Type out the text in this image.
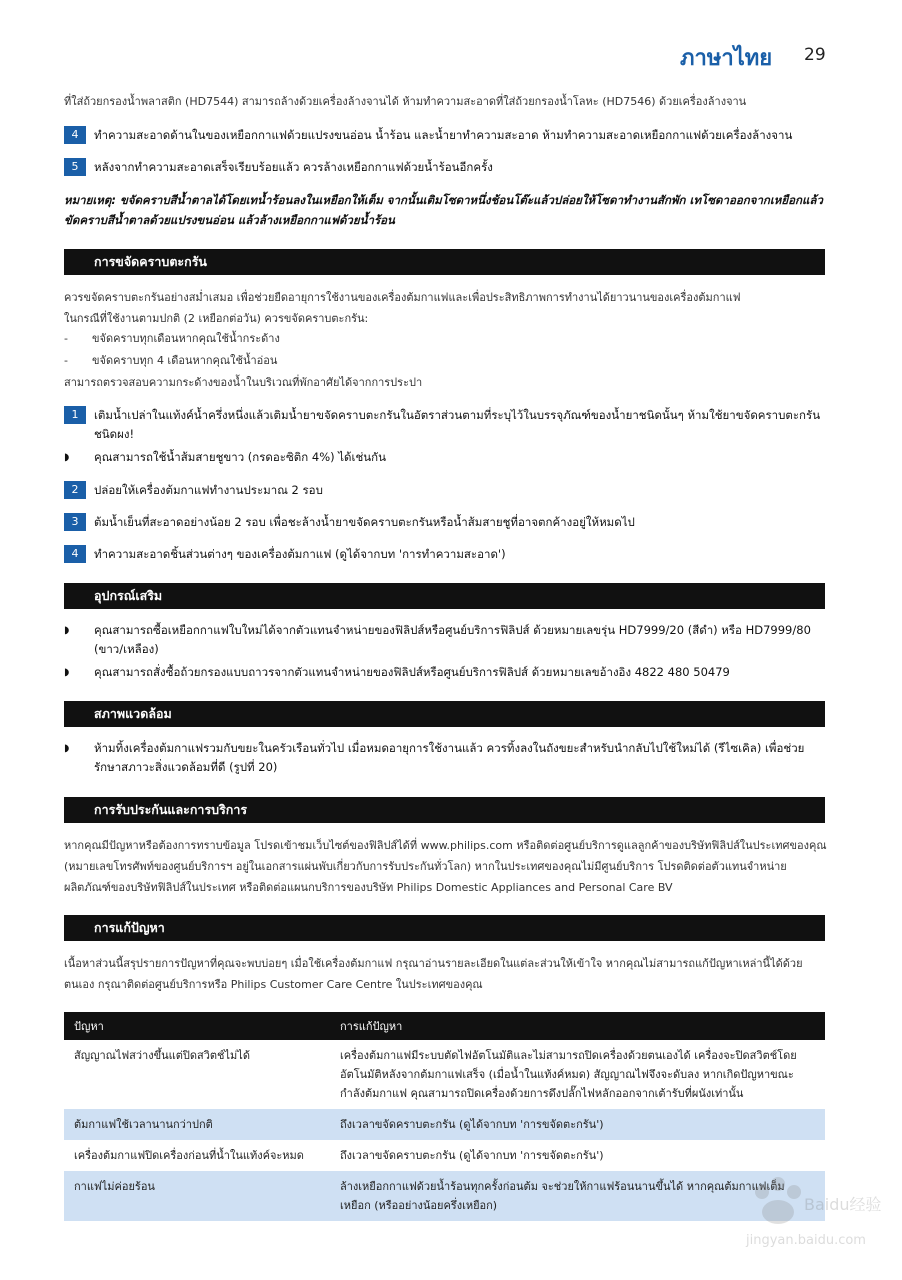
ภาษาไทย 29
ที่ใส่ถ้วยกรองน้ำพลาสติก (HD7544) สามารถล้างด้วยเครื่องล้างจานได้ ห้ามทำความสะอาดที่ใส่ถ้วยกรองน้ำโลหะ (HD7546) ด้วยเครื่องล้างจาน
4	ทำความสะอาดด้านในของเหยือกกาแฟด้วยแปรงขนอ่อน น้ำร้อน และน้ำยาทำความสะอาด ห้ามทำความสะอาดเหยือกกาแฟด้วยเครื่องล้างจาน
5	หลังจากทำความสะอาดเสร็จเรียบร้อยแล้ว ควรล้างเหยือกกาแฟด้วยน้ำร้อนอีกครั้ง
หมายเหตุ: ขจัดคราบสีน้ำตาลได้โดยเทน้ำร้อนลงในเหยือกให้เต็ม จากนั้นเติมโซดาหนึ่งช้อนโต๊ะแล้วปล่อยให้โซดาทำงานสักพัก เทโซดาออกจากเหยือกแล้วขัดคราบสีน้ำตาลด้วยแปรงขนอ่อน แล้วล้างเหยือกกาแฟด้วยน้ำร้อน
การขจัดคราบตะกรัน
ควรขจัดคราบตะกรันอย่างสม่ำเสมอ เพื่อช่วยยืดอายุการใช้งานของเครื่องต้มกาแฟและเพื่อประสิทธิภาพการทำงานได้ยาวนานของเครื่องต้มกาแฟ
ในกรณีที่ใช้งานตามปกติ (2 เหยือกต่อวัน) ควรขจัดคราบตะกรัน:
- ขจัดคราบทุกเดือนหากคุณใช้น้ำกระด้าง
- ขจัดคราบทุก 4 เดือนหากคุณใช้น้ำอ่อน
สามารถตรวจสอบความกระด้างของน้ำในบริเวณที่พักอาศัยได้จากการประปา
1	เติมน้ำเปล่าในแท้งค์น้ำครึ่งหนึ่งแล้วเติมน้ำยาขจัดคราบตะกรันในอัตราส่วนตามที่ระบุไว้ในบรรจุภัณฑ์ของน้ำยาชนิดนั้นๆ ห้ามใช้ยาขจัดคราบตะกรันชนิดผง!
◗ คุณสามารถใช้น้ำส้มสายชูขาว (กรดอะซิติก 4%) ได้เช่นกัน
2	ปล่อยให้เครื่องต้มกาแฟทำงานประมาณ 2 รอบ
3	ต้มน้ำเย็นที่สะอาดอย่างน้อย 2 รอบ เพื่อชะล้างน้ำยาขจัดคราบตะกรันหรือน้ำส้มสายชูที่อาจตกค้างอยู่ให้หมดไป
4	ทำความสะอาดชิ้นส่วนต่างๆ ของเครื่องต้มกาแฟ (ดูได้จากบท 'การทำความสะอาด')
อุปกรณ์เสริม
◗ คุณสามารถซื้อเหยือกกาแฟใบใหม่ได้จากตัวแทนจำหน่ายของฟิลิปส์หรือศูนย์บริการฟิลิปส์ ด้วยหมายเลขรุ่น HD7999/20 (สีดำ) หรือ HD7999/80 (ขาว/เหลือง)
◗ คุณสามารถสั่งซื้อถ้วยกรองแบบถาวรจากตัวแทนจำหน่ายของฟิลิปส์หรือศูนย์บริการฟิลิปส์ ด้วยหมายเลขอ้างอิง 4822 480 50479
สภาพแวดล้อม
◗ ห้ามทิ้งเครื่องต้มกาแฟรวมกับขยะในครัวเรือนทั่วไป เมื่อหมดอายุการใช้งานแล้ว ควรทิ้งลงในถังขยะสำหรับนำกลับไปใช้ใหม่ได้ (รีไซเคิล) เพื่อช่วยรักษาสภาวะสิ่งแวดล้อมที่ดี (รูปที่ 20)
การรับประกันและการบริการ
หากคุณมีปัญหาหรือต้องการทราบข้อมูล โปรดเข้าชมเว็บไซต์ของฟิลิปส์ได้ที่ www.philips.com หรือติดต่อศูนย์บริการดูแลลูกค้าของบริษัทฟิลิปส์ในประเทศของคุณ (หมายเลขโทรศัพท์ของศูนย์บริการฯ อยู่ในเอกสารแผ่นพับเกี่ยวกับการรับประกันทั่วโลก) หากในประเทศของคุณไม่มีศูนย์บริการ โปรดติดต่อตัวแทนจำหน่ายผลิตภัณฑ์ของบริษัทฟิลิปส์ในประเทศ หรือติดต่อแผนกบริการของบริษัท Philips Domestic Appliances and Personal Care BV
การแก้ปัญหา
เนื้อหาส่วนนี้สรุปรายการปัญหาที่คุณจะพบบ่อยๆ เมื่อใช้เครื่องต้มกาแฟ กรุณาอ่านรายละเอียดในแต่ละส่วนให้เข้าใจ หากคุณไม่สามารถแก้ปัญหาเหล่านี้ได้ด้วยตนเอง กรุณาติดต่อศูนย์บริการหรือ Philips Customer Care Centre ในประเทศของคุณ
ปัญหา	การแก้ปัญหา
สัญญาณไฟสว่างขึ้นแต่ปิดสวิตช์ไม่ได้	เครื่องต้มกาแฟมีระบบตัดไฟอัตโนมัติและไม่สามารถปิดเครื่องด้วยตนเองได้ เครื่องจะปิดสวิตช์โดยอัตโนมัติหลังจากต้มกาแฟเสร็จ (เมื่อน้ำในแท้งค์หมด) สัญญาณไฟจึงจะดับลง หากเกิดปัญหาขณะกำลังต้มกาแฟ คุณสามารถปิดเครื่องด้วยการดึงปลั๊กไฟหลักออกจากเต้ารับที่ผนังเท่านั้น
ต้มกาแฟใช้เวลานานกว่าปกติ	ถึงเวลาขจัดคราบตะกรัน (ดูได้จากบท 'การขจัดตะกรัน')
เครื่องต้มกาแฟปิดเครื่องก่อนที่น้ำในแท้งค์จะหมด	ถึงเวลาขจัดคราบตะกรัน (ดูได้จากบท 'การขจัดตะกรัน')
กาแฟไม่ค่อยร้อน	ล้างเหยือกกาแฟด้วยน้ำร้อนทุกครั้งก่อนต้ม จะช่วยให้กาแฟร้อนนานขึ้นได้ หากคุณต้มกาแฟเต็มเหยือก (หรืออย่างน้อยครึ่งเหยือก)	Baidu经验
jingyan.baidu.com
